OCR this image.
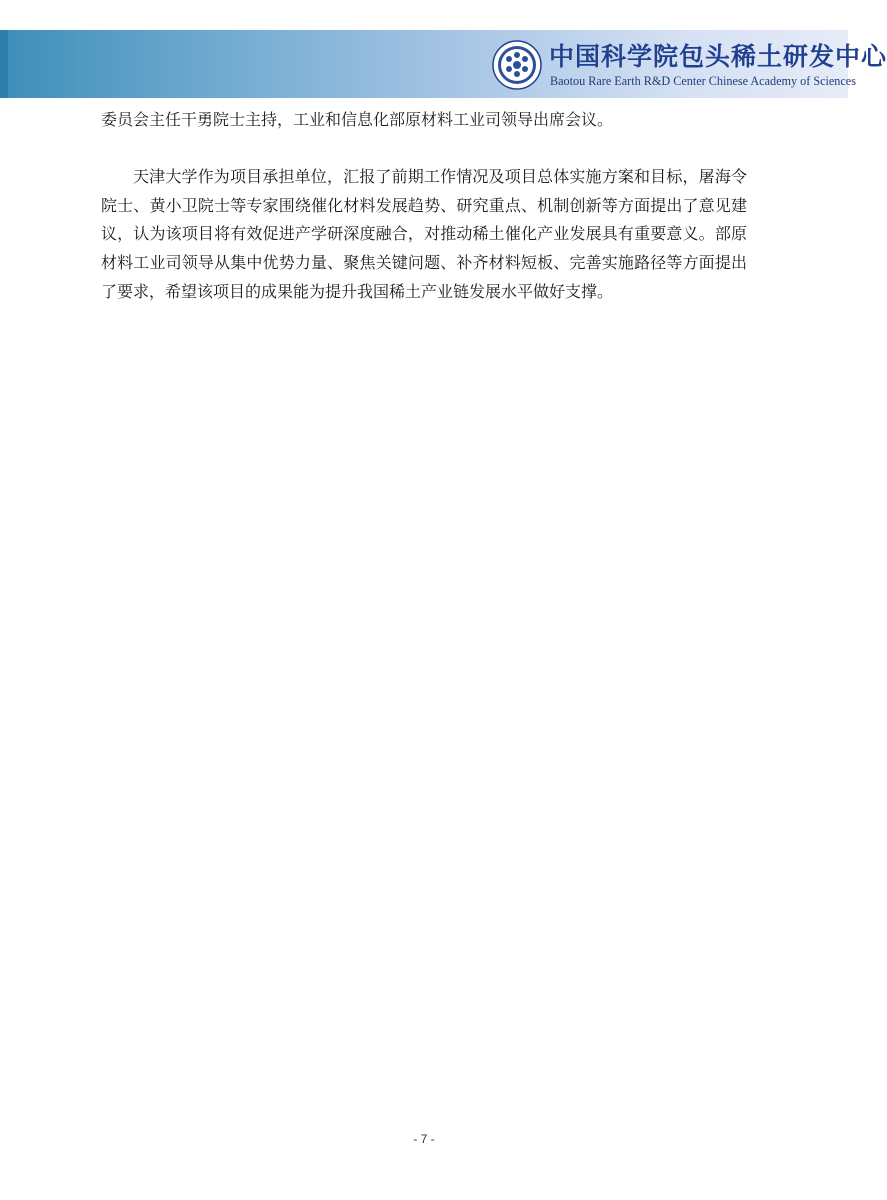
中国科学院包头稀土研发中心
Baotou Rare Earth R&D Center Chinese Academy of Sciences

委员会主任干勇院士主持，工业和信息化部原材料工业司领导出席会议。

天津大学作为项目承担单位，汇报了前期工作情况及项目总体实施方案和目标，屠海令院士、黄小卫院士等专家围绕催化材料发展趋势、研究重点、机制创新等方面提出了意见建议，认为该项目将有效促进产学研深度融合，对推动稀土催化产业发展具有重要意义。部原材料工业司领导从集中优势力量、聚焦关键问题、补齐材料短板、完善实施路径等方面提出了要求，希望该项目的成果能为提升我国稀土产业链发展水平做好支撑。

- 7 -
